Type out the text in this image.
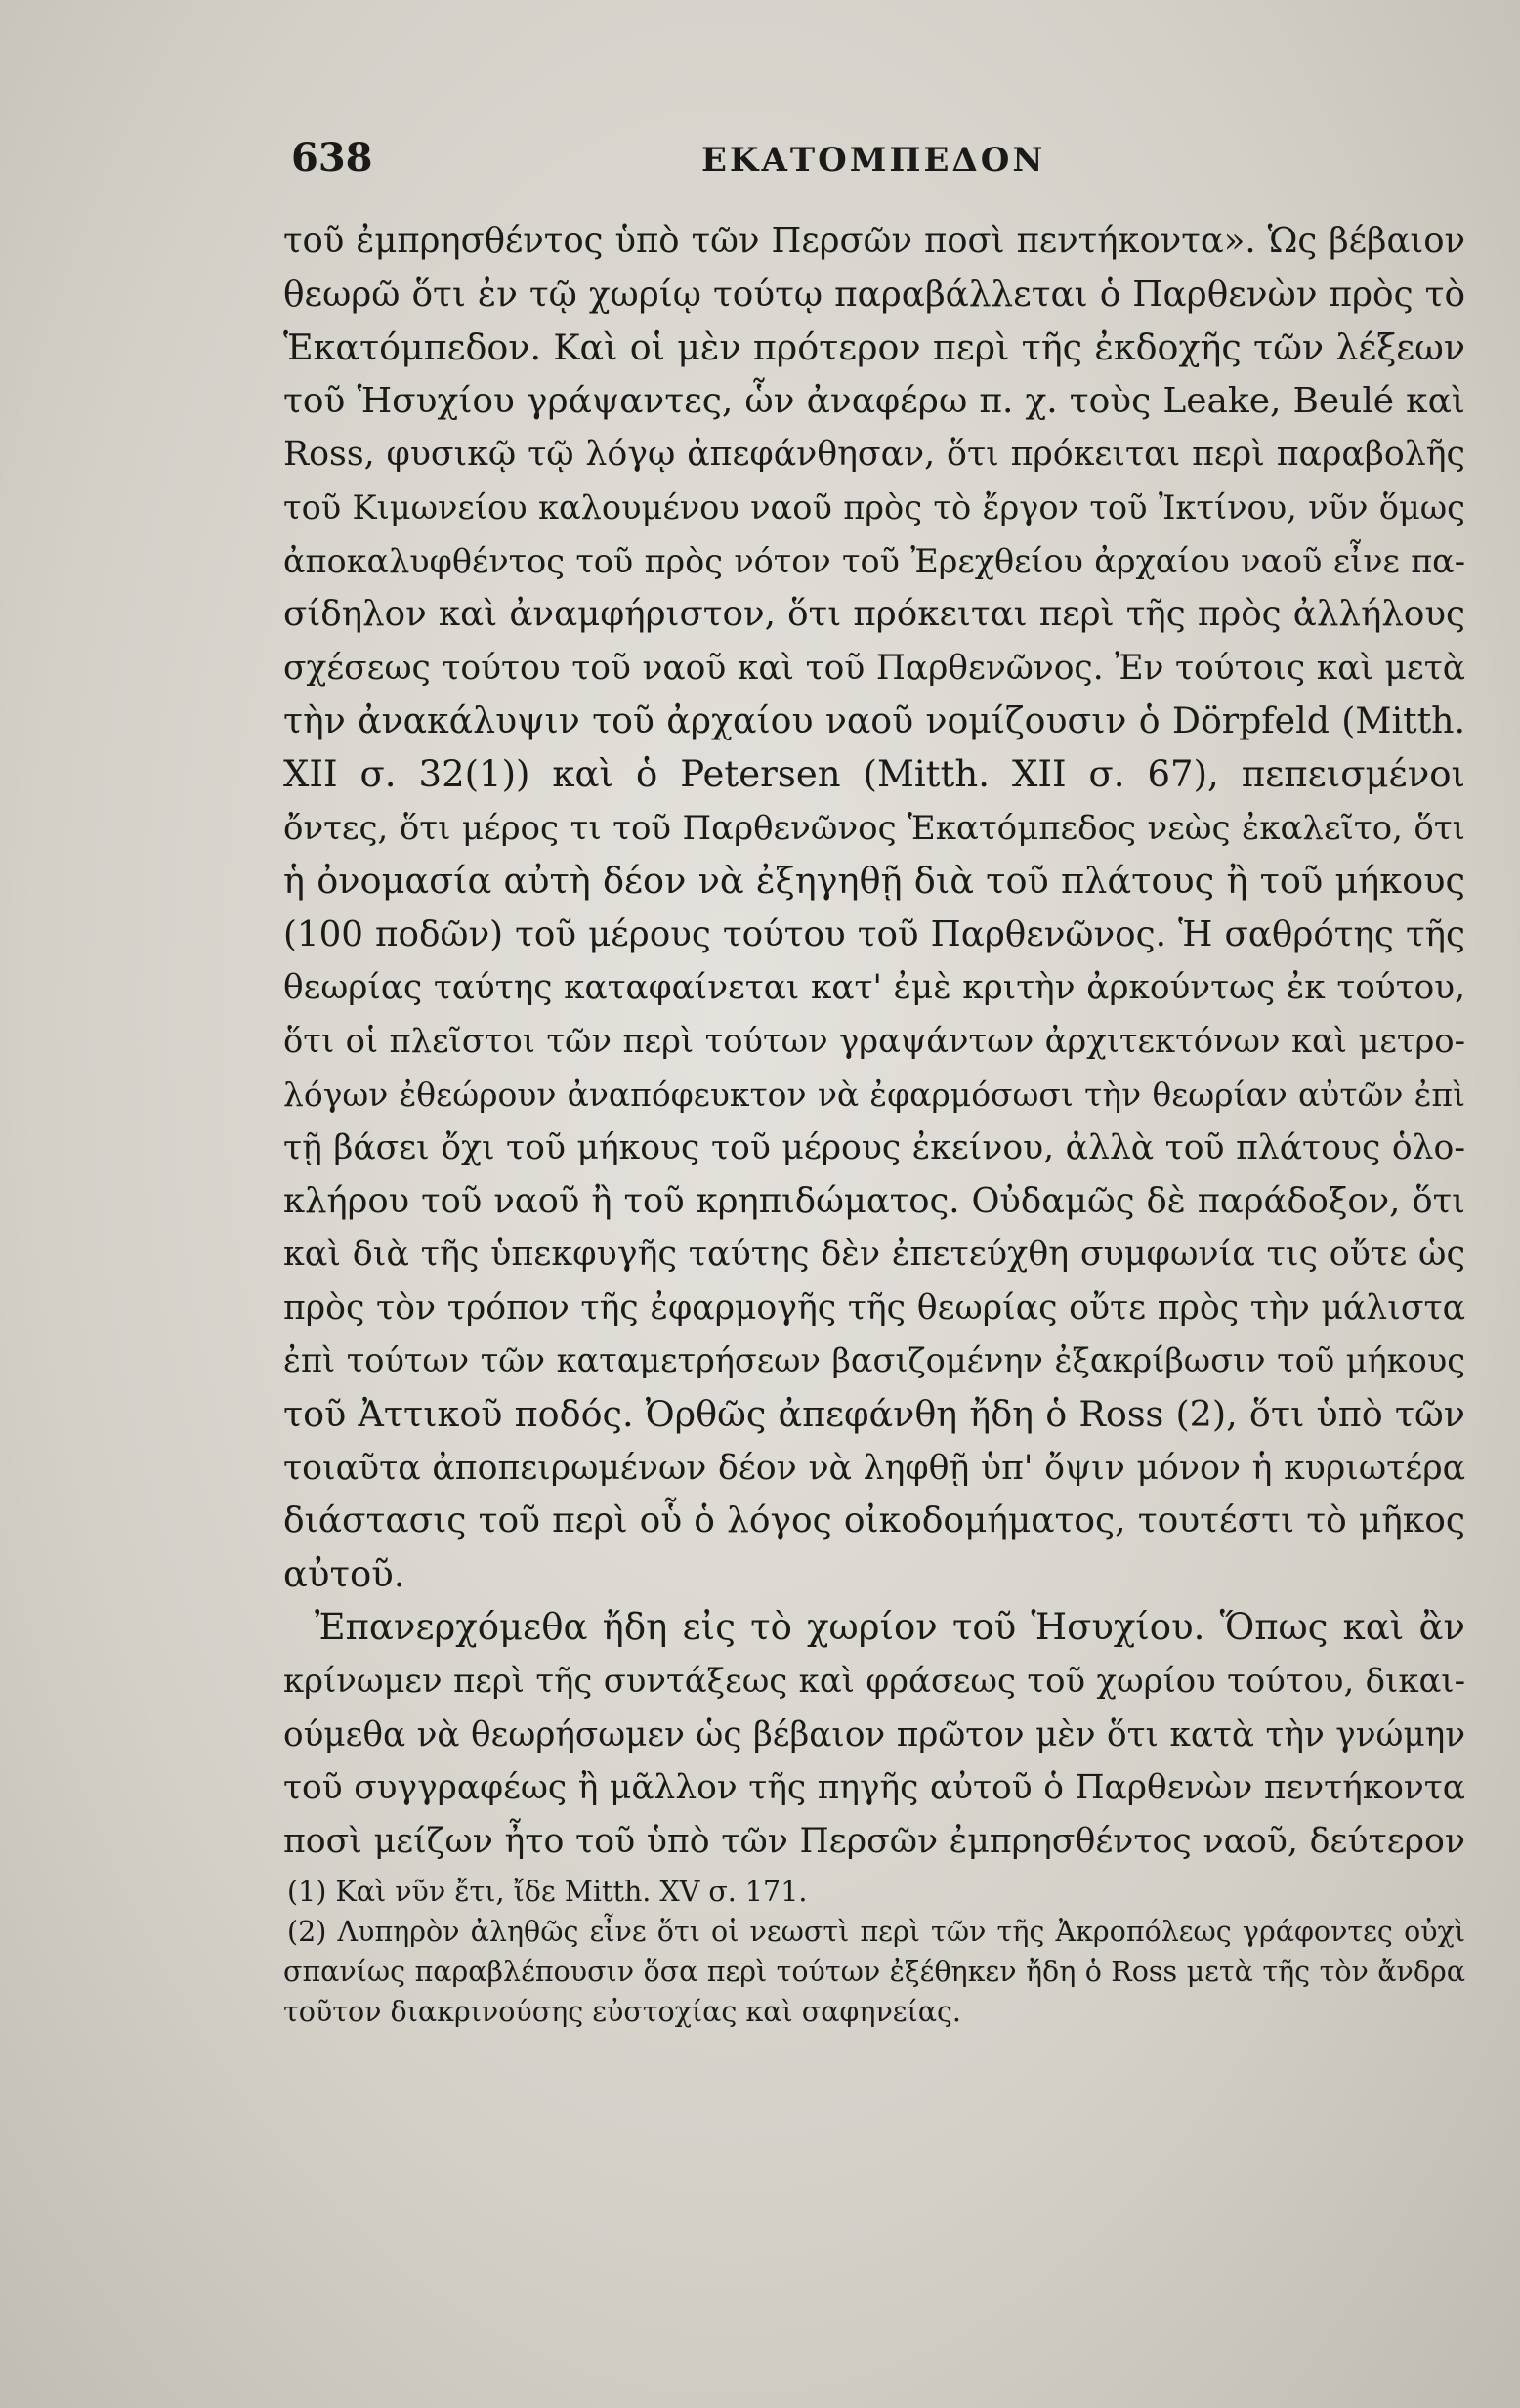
638	ΕΚΑΤΟΜΠΕΔΟΝ
τοῦ ἐμπρησθέντος ὑπὸ τῶν Περσῶν ποσὶ πεντήκοντα». Ὡς βέβαιον
θεωρῶ ὅτι ἐν τῷ χωρίῳ τούτῳ παραβάλλεται ὁ Παρθενὼν πρὸς τὸ
Ἑκατόμπεδον. Καὶ οἱ μὲν πρότερον περὶ τῆς ἐκδοχῆς τῶν λέξεων
τοῦ Ἡσυχίου γράψαντες, ὧν ἀναφέρω π. χ. τοὺς Leake, Beulé καὶ
Ross, φυσικῷ τῷ λόγῳ ἀπεφάνθησαν, ὅτι πρόκειται περὶ παραβολῆς
τοῦ Κιμωνείου καλουμένου ναοῦ πρὸς τὸ ἔργον τοῦ Ἰκτίνου, νῦν ὅμως
ἀποκαλυφθέντος τοῦ πρὸς νότον τοῦ Ἐρεχθείου ἀρχαίου ναοῦ εἶνε πα-
σίδηλον καὶ ἀναμφήριστον, ὅτι πρόκειται περὶ τῆς πρὸς ἀλλήλους
σχέσεως τούτου τοῦ ναοῦ καὶ τοῦ Παρθενῶνος. Ἐν τούτοις καὶ μετὰ
τὴν ἀνακάλυψιν τοῦ ἀρχαίου ναοῦ νομίζουσιν ὁ Dörpfeld (Mitth.
XII σ. 32(1)) καὶ ὁ Petersen (Mitth. XII σ. 67), πεπεισμένοι
ὄντες, ὅτι μέρος τι τοῦ Παρθενῶνος Ἑκατόμπεδος νεὼς ἐκαλεῖτο, ὅτι
ἡ ὀνομασία αὐτὴ δέον νὰ ἐξηγηθῇ διὰ τοῦ πλάτους ἢ τοῦ μήκους
(100 ποδῶν) τοῦ μέρους τούτου τοῦ Παρθενῶνος. Ἡ σαθρότης τῆς
θεωρίας ταύτης καταφαίνεται κατ' ἐμὲ κριτὴν ἀρκούντως ἐκ τούτου,
ὅτι οἱ πλεῖστοι τῶν περὶ τούτων γραψάντων ἀρχιτεκτόνων καὶ μετρο-
λόγων ἐθεώρουν ἀναπόφευκτον νὰ ἐφαρμόσωσι τὴν θεωρίαν αὐτῶν ἐπὶ
τῇ βάσει ὄχι τοῦ μήκους τοῦ μέρους ἐκείνου, ἀλλὰ τοῦ πλάτους ὁλο-
κλήρου τοῦ ναοῦ ἢ τοῦ κρηπιδώματος. Οὐδαμῶς δὲ παράδοξον, ὅτι
καὶ διὰ τῆς ὑπεκφυγῆς ταύτης δὲν ἐπετεύχθη συμφωνία τις οὔτε ὡς
πρὸς τὸν τρόπον τῆς ἐφαρμογῆς τῆς θεωρίας οὔτε πρὸς τὴν μάλιστα
ἐπὶ τούτων τῶν καταμετρήσεων βασιζομένην ἐξακρίβωσιν τοῦ μήκους
τοῦ Ἀττικοῦ ποδός. Ὀρθῶς ἀπεφάνθη ἤδη ὁ Ross (2), ὅτι ὑπὸ τῶν
τοιαῦτα ἀποπειρωμένων δέον νὰ ληφθῇ ὑπ' ὄψιν μόνον ἡ κυριωτέρα
διάστασις τοῦ περὶ οὗ ὁ λόγος οἰκοδομήματος, τουτέστι τὸ μῆκος
αὐτοῦ.
Ἐπανερχόμεθα ἤδη εἰς τὸ χωρίον τοῦ Ἡσυχίου. Ὅπως καὶ ἂν
κρίνωμεν περὶ τῆς συντάξεως καὶ φράσεως τοῦ χωρίου τούτου, δικαι-
ούμεθα νὰ θεωρήσωμεν ὡς βέβαιον πρῶτον μὲν ὅτι κατὰ τὴν γνώμην
τοῦ συγγραφέως ἢ μᾶλλον τῆς πηγῆς αὐτοῦ ὁ Παρθενὼν πεντήκοντα
ποσὶ μείζων ἦτο τοῦ ὑπὸ τῶν Περσῶν ἐμπρησθέντος ναοῦ, δεύτερον
(1) Καὶ νῦν ἔτι, ἴδε Mitth. XV σ. 171.
(2) Λυπηρὸν ἀληθῶς εἶνε ὅτι οἱ νεωστὶ περὶ τῶν τῆς Ἀκροπόλεως γράφοντες οὐχὶ
σπανίως παραβλέπουσιν ὅσα περὶ τούτων ἐξέθηκεν ἤδη ὁ Ross μετὰ τῆς τὸν ἄνδρα
τοῦτον διακρινούσης εὐστοχίας καὶ σαφηνείας.
